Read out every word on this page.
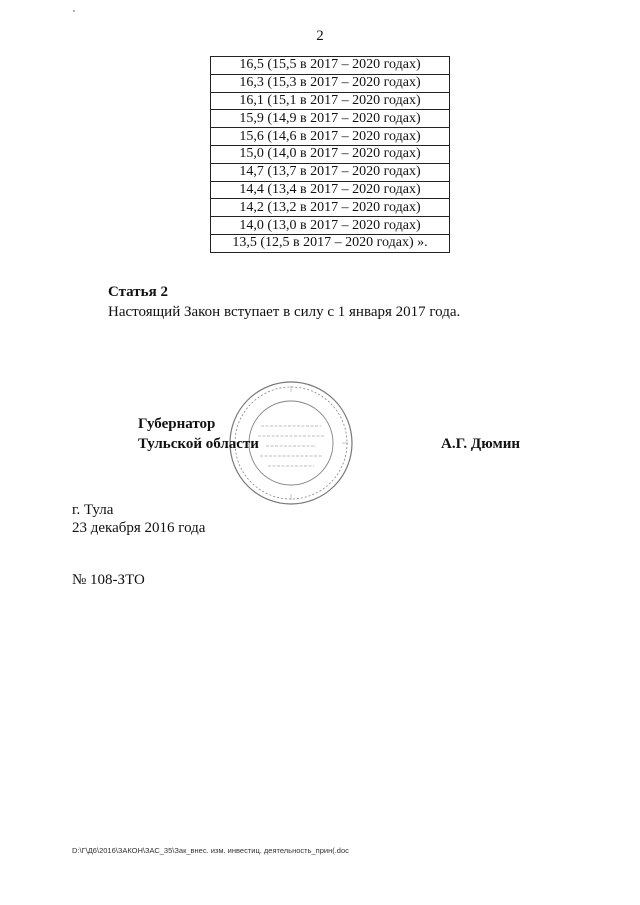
2
16,5 (15,5 в 2017 – 2020 годах)
16,3 (15,3 в 2017 – 2020 годах)
16,1 (15,1 в 2017 – 2020 годах)
15,9 (14,9 в 2017 – 2020 годах)
15,6 (14,6 в 2017 – 2020 годах)
15,0 (14,0 в 2017 – 2020 годах)
14,7 (13,7 в 2017 – 2020 годах)
14,4 (13,4 в 2017 – 2020 годах)
14,2 (13,2 в 2017 – 2020 годах)
14,0 (13,0 в 2017 – 2020 годах)
13,5 (12,5 в 2017 – 2020 годах) ».
Статья 2
Настоящий Закон вступает в силу с 1 января 2017 года.
Губернатор
Тульской области	А.Г. Дюмин
г. Тула
23 декабря 2016 года
№ 108-ЗТО
D:\Г\Д6\2016\ЗАКОН\ЗАС_35\Зак_внес. изм. инвестиц. деятельность_прин(.doc
